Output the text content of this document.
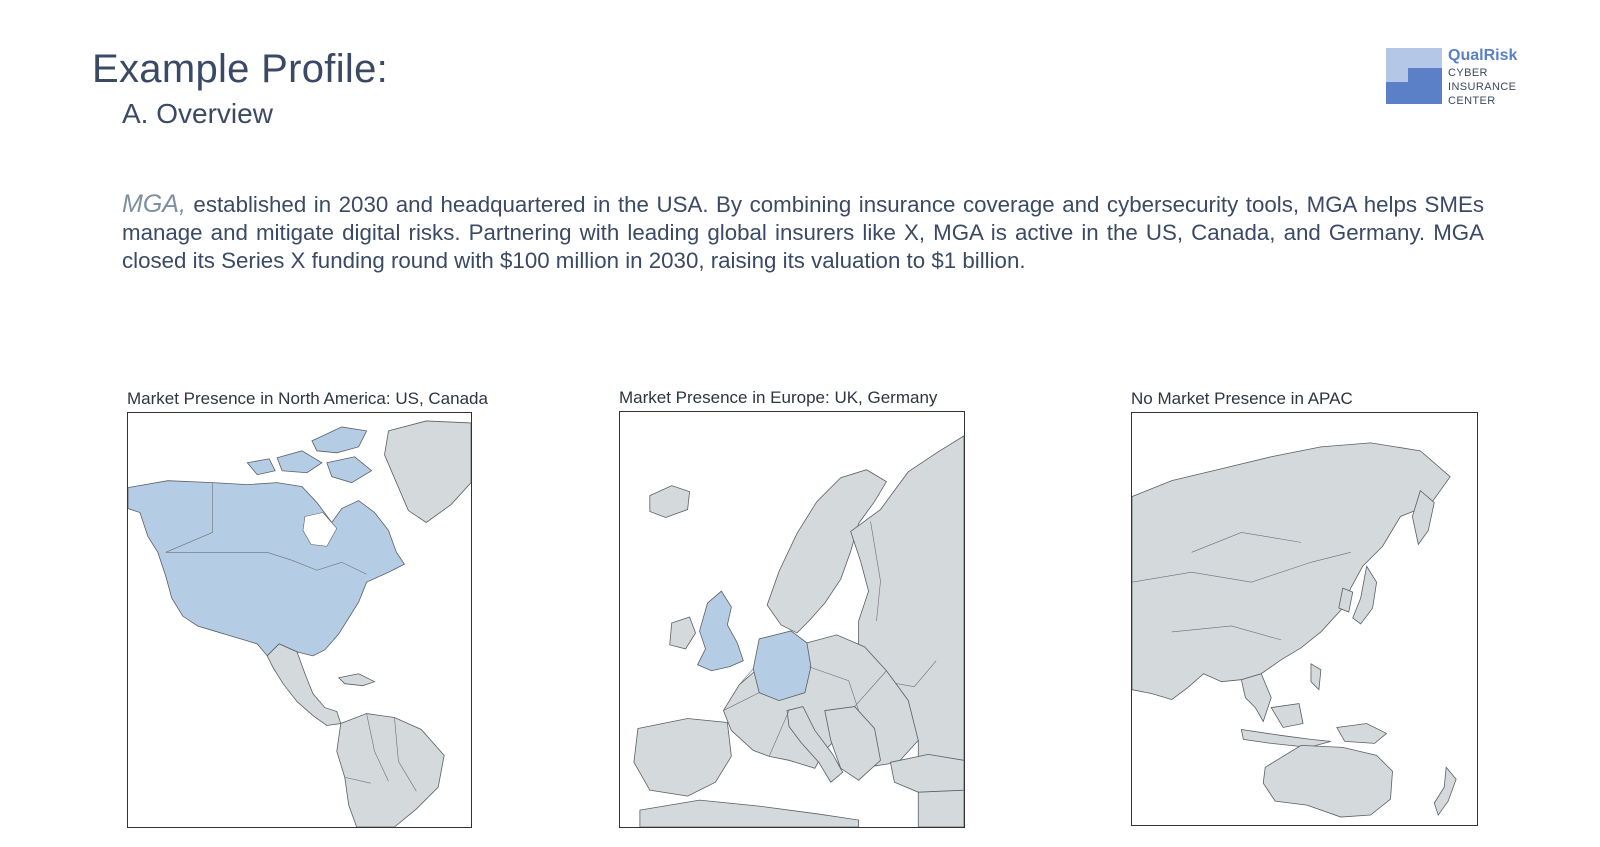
Example Profile:
A. Overview
QualRisk
CYBER
INSURANCE
CENTER
MGA, established in 2030 and headquartered in the USA. By combining insurance coverage and cybersecurity tools, MGA helps SMEs manage and mitigate digital risks. Partnering with leading global insurers like X, MGA is active in the US, Canada, and Germany. MGA closed its Series X funding round with $100 million in 2030, raising its valuation to $1 billion.
Market Presence in North America: US, Canada	Market Presence in Europe: UK, Germany	No Market Presence in APAC
